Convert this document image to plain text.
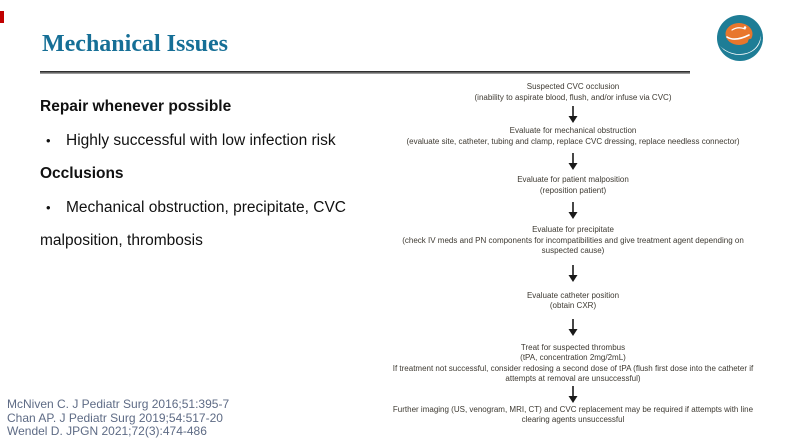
Mechanical Issues
Repair whenever possible
• Highly successful with low infection risk
Occlusions
• Mechanical obstruction, precipitate, CVC
malposition, thrombosis
Suspected CVC occlusion
(inability to aspirate blood, flush, and/or infuse via CVC)
Evaluate for mechanical obstruction
(evaluate site, catheter, tubing and clamp, replace CVC dressing, replace needless connector)
Evaluate for patient malposition
(reposition patient)
Evaluate for precipitate
(check IV meds and PN components for incompatibilities and give treatment agent depending on
suspected cause)
Evaluate catheter position
(obtain CXR)
Treat for suspected thrombus
(tPA, concentration 2mg/2mL)
If treatment not successful, consider redosing a second dose of tPA (flush first dose into the catheter if
attempts at removal are unsuccessful)
Further imaging (US, venogram, MRI, CT) and CVC replacement may be required if attempts with line
clearing agents unsuccessful
McNiven C. J Pediatr Surg 2016;51:395-7
Chan AP. J Pediatr Surg 2019;54:517-20
Wendel D. JPGN 2021;72(3):474-486
